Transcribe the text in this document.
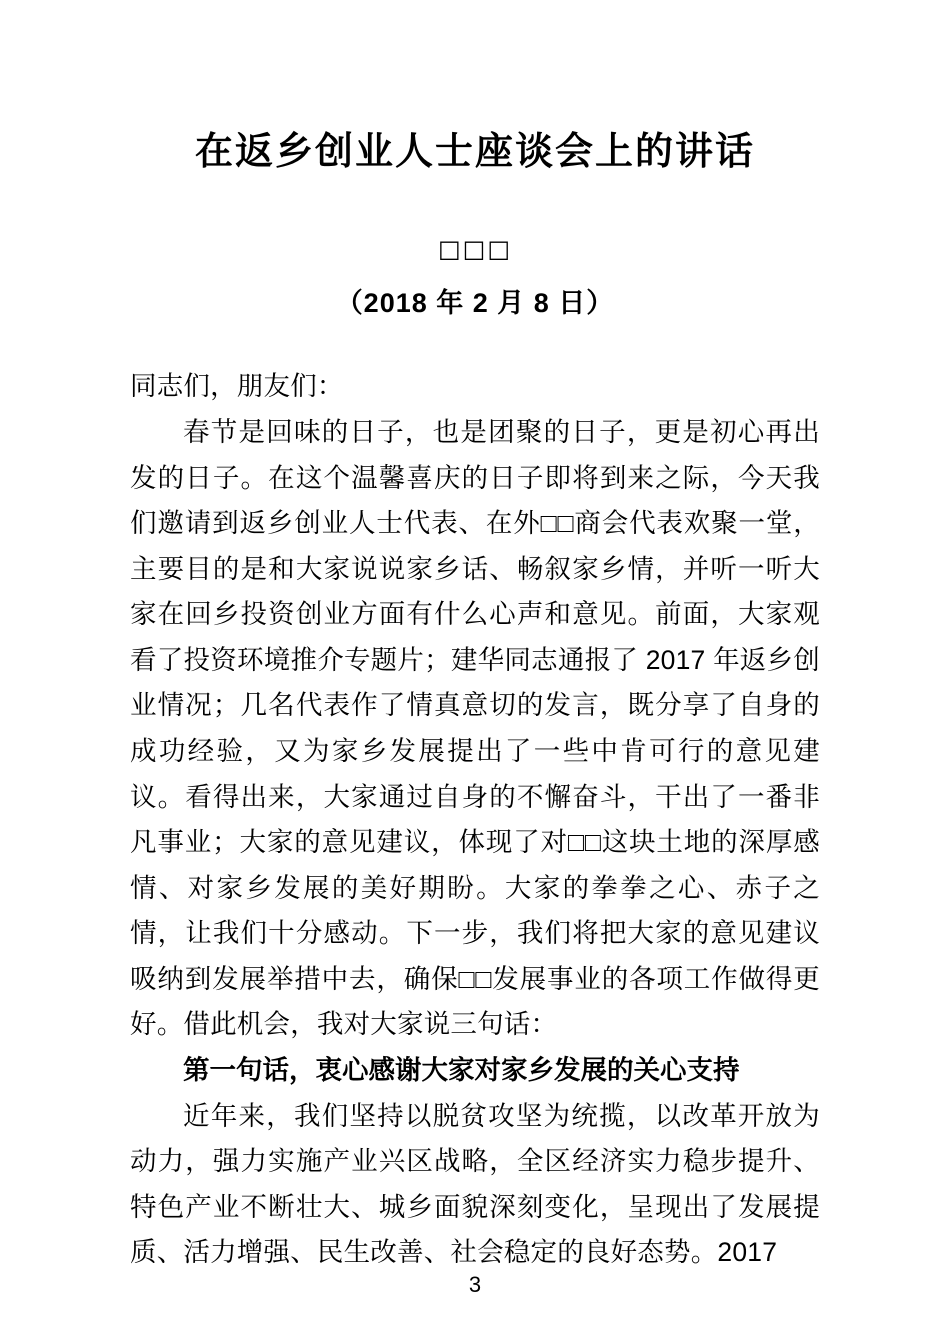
在返乡创业人士座谈会上的讲话
□□□
（2018 年 2 月 8 日）

同志们，朋友们：

春节是回味的日子，也是团聚的日子，更是初心再出发的日子。在这个温馨喜庆的日子即将到来之际，今天我们邀请到返乡创业人士代表、在外□□商会代表欢聚一堂，主要目的是和大家说说家乡话、畅叙家乡情，并听一听大家在回乡投资创业方面有什么心声和意见。前面，大家观看了投资环境推介专题片；建华同志通报了 2017 年返乡创业情况；几名代表作了情真意切的发言，既分享了自身的成功经验，又为家乡发展提出了一些中肯可行的意见建议。看得出来，大家通过自身的不懈奋斗，干出了一番非凡事业；大家的意见建议，体现了对□□这块土地的深厚感情、对家乡发展的美好期盼。大家的拳拳之心、赤子之情，让我们十分感动。下一步，我们将把大家的意见建议吸纳到发展举措中去，确保□□发展事业的各项工作做得更好。借此机会，我对大家说三句话：

第一句话，衷心感谢大家对家乡发展的关心支持

近年来，我们坚持以脱贫攻坚为统揽，以改革开放为动力，强力实施产业兴区战略，全区经济实力稳步提升、特色产业不断壮大、城乡面貌深刻变化，呈现出了发展提质、活力增强、民生改善、社会稳定的良好态势。2017

3
